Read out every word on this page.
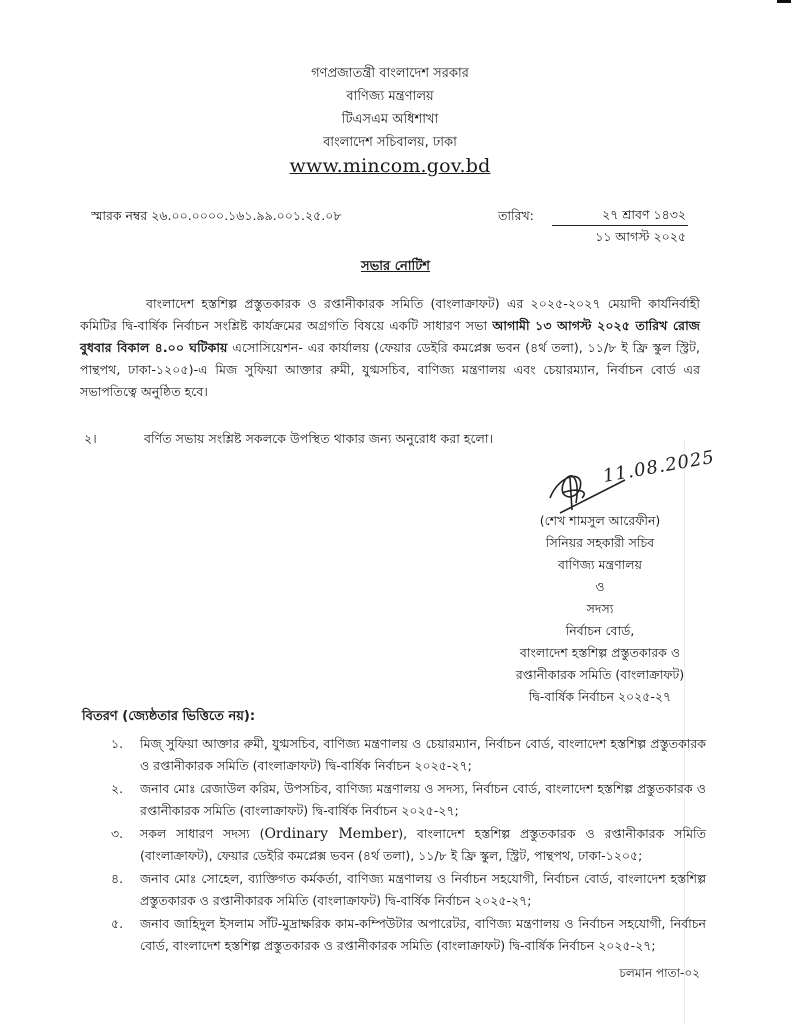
গণপ্রজাতন্ত্রী বাংলাদেশ সরকার
বাণিজ্য মন্ত্রণালয়
টিএসএম অধিশাখা
বাংলাদেশ সচিবালয়, ঢাকা
www.mincom.gov.bd
স্মারক নম্বর ২৬.০০.০০০০.১৬১.৯৯.০০১.২৫.০৮	তারিখ:	২৭ শ্রাবণ ১৪৩২
১১ আগস্ট ২০২৫
সভার নোটিশ
বাংলাদেশ হস্তশিল্প প্রস্তুতকারক ও রপ্তানীকারক সমিতি (বাংলাক্রাফট) এর ২০২৫-২০২৭ মেয়াদী কার্যনির্বাহী কমিটির দ্বি-বার্ষিক নির্বাচন সংশ্লিষ্ট কার্যক্রমের অগ্রগতি বিষয়ে একটি সাধারণ সভা আগামী ১৩ আগস্ট ২০২৫ তারিখ রোজ বুধবার বিকাল ৪.০০ ঘটিকায় এসোসিয়েশন- এর কার্যালয় (ফেয়ার ডেইরি কমপ্লেক্স ভবন (৪র্থ তলা), ১১/৮ ই ফ্রি স্কুল স্ট্রিট, পান্থপথ, ঢাকা-১২০৫)-এ মিজ সুফিয়া আক্তার রুমী, যুগ্মসচিব, বাণিজ্য মন্ত্রণালয় এবং চেয়ারম্যান, নির্বাচন বোর্ড এর সভাপতিত্বে অনুষ্ঠিত হবে।
২।	বর্ণিত সভায় সংশ্লিষ্ট সকলকে উপস্থিত থাকার জন্য অনুরোধ করা হলো।
11.08.2025
(শেখ শামসুল আরেফীন)
সিনিয়র সহকারী সচিব
বাণিজ্য মন্ত্রণালয়
ও
সদস্য
নির্বাচন বোর্ড,
বাংলাদেশ হস্তশিল্প প্রস্তুতকারক ও
রপ্তানীকারক সমিতি (বাংলাক্রাফট)
দ্বি-বার্ষিক নির্বাচন ২০২৫-২৭
বিতরণ (জ্যেষ্ঠতার ভিত্তিতে নয়):
১. মিজ্ সুফিয়া আক্তার রুমী, যুগ্মসচিব, বাণিজ্য মন্ত্রণালয় ও চেয়ারম্যান, নির্বাচন বোর্ড, বাংলাদেশ হস্তশিল্প প্রস্তুতকারক ও রপ্তানীকারক সমিতি (বাংলাক্রাফট) দ্বি-বার্ষিক নির্বাচন ২০২৫-২৭;
২. জনাব মোঃ রেজাউল করিম, উপসচিব, বাণিজ্য মন্ত্রণালয় ও সদস্য, নির্বাচন বোর্ড, বাংলাদেশ হস্তশিল্প প্রস্তুতকারক ও রপ্তানীকারক সমিতি (বাংলাক্রাফট) দ্বি-বার্ষিক নির্বাচন ২০২৫-২৭;
৩. সকল সাধারণ সদস্য (Ordinary Member), বাংলাদেশ হস্তশিল্প প্রস্তুতকারক ও রপ্তানীকারক সমিতি (বাংলাক্রাফট), ফেয়ার ডেইরি কমপ্লেক্স ভবন (৪র্থ তলা), ১১/৮ ই ফ্রি স্কুল, স্ট্রিট, পান্থপথ, ঢাকা-১২০৫;
৪. জনাব মোঃ সোহেল, ব্যাক্তিগত কর্মকর্তা, বাণিজ্য মন্ত্রণালয় ও নির্বাচন সহযোগী, নির্বাচন বোর্ড, বাংলাদেশ হস্তশিল্প প্রস্তুতকারক ও রপ্তানীকারক সমিতি (বাংলাক্রাফট) দ্বি-বার্ষিক নির্বাচন ২০২৫-২৭;
৫. জনাব জাহিদুল ইসলাম সাঁট-মুদ্রাক্ষরিক কাম-কম্পিউটার অপারেটর, বাণিজ্য মন্ত্রণালয় ও নির্বাচন সহযোগী, নির্বাচন বোর্ড, বাংলাদেশ হস্তশিল্প প্রস্তুতকারক ও রপ্তানীকারক সমিতি (বাংলাক্রাফট) দ্বি-বার্ষিক নির্বাচন ২০২৫-২৭;
চলমান পাতা-০২
